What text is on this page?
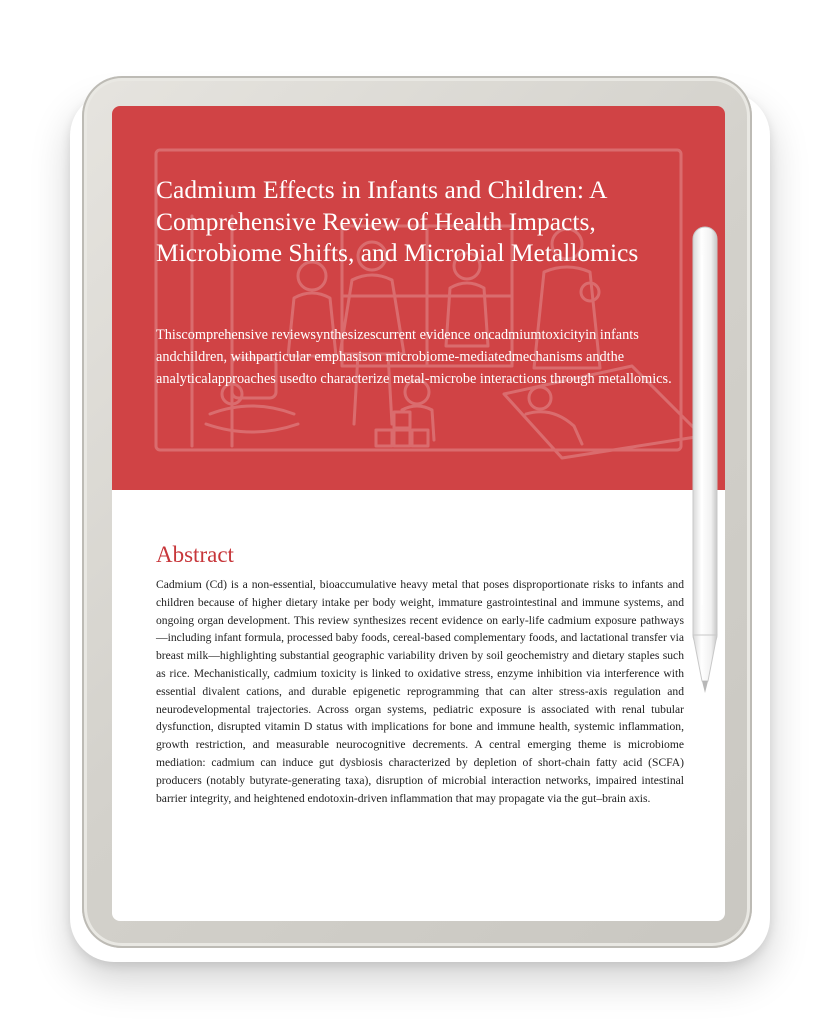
Cadmium Effects in Infants and Children: A Comprehensive Review of Health Impacts, Microbiome Shifts, and Microbial Metallomics

Thiscomprehensive reviewsynthesizescurrent evidence oncadmiumtoxicityin infants andchildren, withparticular emphasison microbiome-mediatedmechanisms andthe analyticalapproaches usedto characterize metal-microbe interactions through metallomics.

Abstract

Cadmium (Cd) is a non-essential, bioaccumulative heavy metal that poses disproportionate risks to infants and children because of higher dietary intake per body weight, immature gastrointestinal and immune systems, and ongoing organ development. This review synthesizes recent evidence on early-life cadmium exposure pathways—including infant formula, processed baby foods, cereal-based complementary foods, and lactational transfer via breast milk—highlighting substantial geographic variability driven by soil geochemistry and dietary staples such as rice. Mechanistically, cadmium toxicity is linked to oxidative stress, enzyme inhibition via interference with essential divalent cations, and durable epigenetic reprogramming that can alter stress-axis regulation and neurodevelopmental trajectories. Across organ systems, pediatric exposure is associated with renal tubular dysfunction, disrupted vitamin D status with implications for bone and immune health, systemic inflammation, growth restriction, and measurable neurocognitive decrements. A central emerging theme is microbiome mediation: cadmium can induce gut dysbiosis characterized by depletion of short-chain fatty acid (SCFA) producers (notably butyrate-generating taxa), disruption of microbial interaction networks, impaired intestinal barrier integrity, and heightened endotoxin-driven inflammation that may propagate via the gut–brain axis.
